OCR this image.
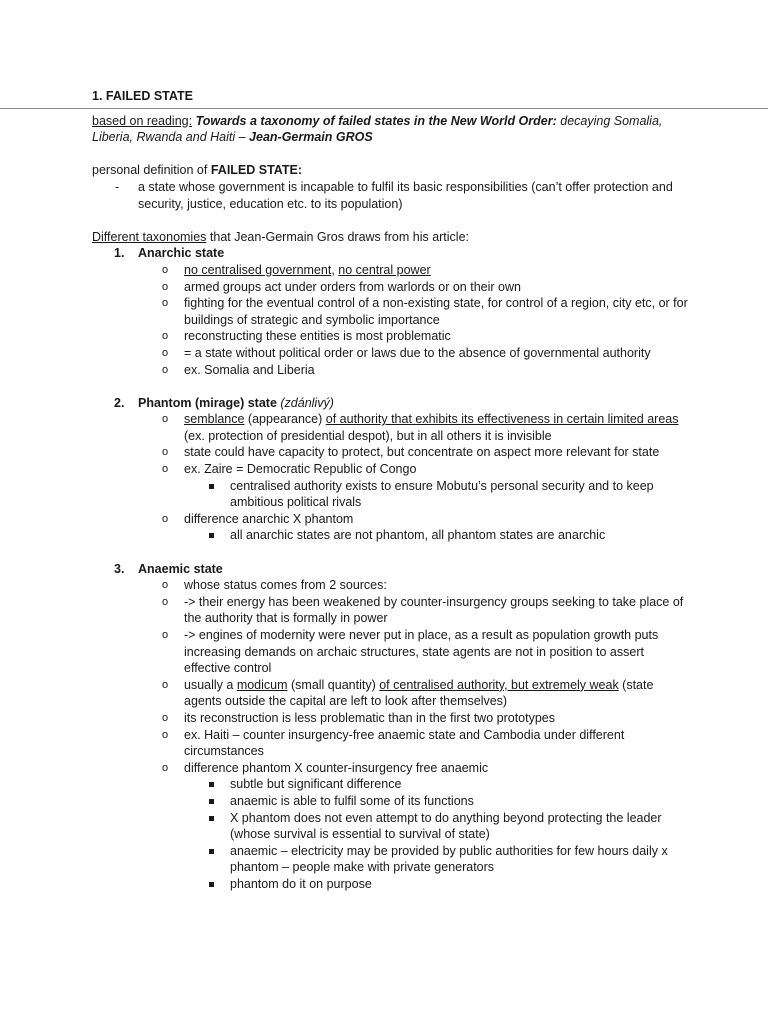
1. FAILED STATE

based on reading: Towards a taxonomy of failed states in the New World Order: decaying Somalia, Liberia, Rwanda and Haiti – Jean-Germain GROS

personal definition of FAILED STATE:

- a state whose government is incapable to fulfil its basic responsibilities (can’t offer protection and security, justice, education etc. to its population)

Different taxonomies that Jean-Germain Gros draws from his article:

1. Anarchic state
o no centralised government, no central power
o armed groups act under orders from warlords or on their own
o fighting for the eventual control of a non-existing state, for control of a region, city etc, or for buildings of strategic and symbolic importance
o reconstructing these entities is most problematic
o = a state without political order or laws due to the absence of governmental authority
o ex. Somalia and Liberia
2. Phantom (mirage) state (zdánlivý)
o semblance (appearance) of authority that exhibits its effectiveness in certain limited areas (ex. protection of presidential despot), but in all others it is invisible
o state could have capacity to protect, but concentrate on aspect more relevant for state
o ex. Zaire = Democratic Republic of Congo
centralised authority exists to ensure Mobutu’s personal security and to keep ambitious political rivals
o difference anarchic X phantom
all anarchic states are not phantom, all phantom states are anarchic
3. Anaemic state
o whose status comes from 2 sources:
o -> their energy has been weakened by counter-insurgency groups seeking to take place of the authority that is formally in power
o -> engines of modernity were never put in place, as a result as population growth puts increasing demands on archaic structures, state agents are not in position to assert effective control
o usually a modicum (small quantity) of centralised authority, but extremely weak (state agents outside the capital are left to look after themselves)
o its reconstruction is less problematic than in the first two prototypes
o ex. Haiti – counter insurgency-free anaemic state and Cambodia under different circumstances
o difference phantom X counter-insurgency free anaemic
subtle but significant difference
anaemic is able to fulfil some of its functions
X phantom does not even attempt to do anything beyond protecting the leader (whose survival is essential to survival of state)
anaemic – electricity may be provided by public authorities for few hours daily x phantom – people make with private generators
phantom do it on purpose
